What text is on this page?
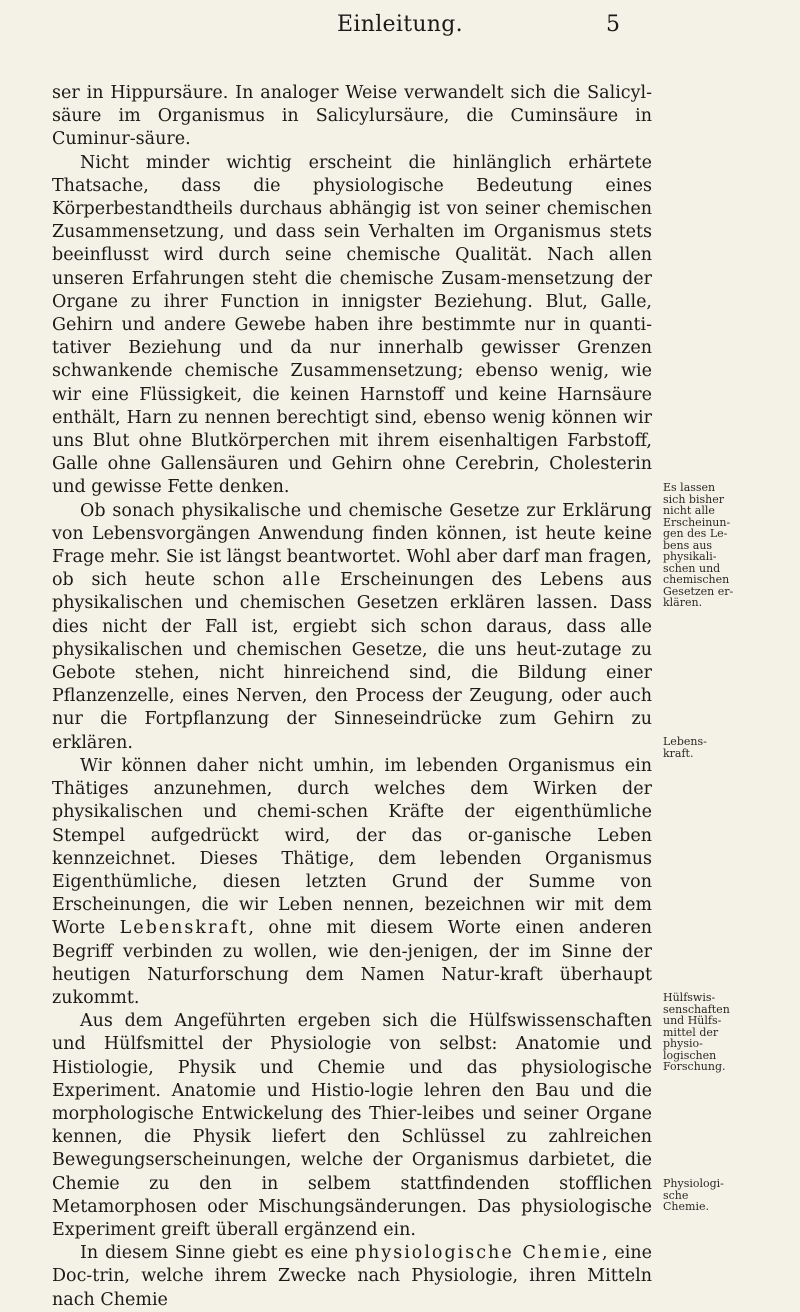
Einleitung.	5

ser in Hippursäure. In analoger Weise verwandelt sich die Salicyl-säure im Organismus in Salicylursäure, die Cuminsäure in Cuminur-säure.

Nicht minder wichtig erscheint die hinlänglich erhärtete Thatsache, dass die physiologische Bedeutung eines Körperbestandtheils durchaus abhängig ist von seiner chemischen Zusammensetzung, und dass sein Verhalten im Organismus stets beeinflusst wird durch seine chemische Qualität. Nach allen unseren Erfahrungen steht die chemische Zusam-mensetzung der Organe zu ihrer Function in innigster Beziehung. Blut, Galle, Gehirn und andere Gewebe haben ihre bestimmte nur in quanti-tativer Beziehung und da nur innerhalb gewisser Grenzen schwankende chemische Zusammensetzung; ebenso wenig, wie wir eine Flüssigkeit, die keinen Harnstoff und keine Harnsäure enthält, Harn zu nennen berechtigt sind, ebenso wenig können wir uns Blut ohne Blutkörperchen mit ihrem eisenhaltigen Farbstoff, Galle ohne Gallensäuren und Gehirn ohne Cerebrin, Cholesterin und gewisse Fette denken.

Ob sonach physikalische und chemische Gesetze zur Erklärung von Lebensvorgängen Anwendung finden können, ist heute keine Frage mehr. Sie ist längst beantwortet. Wohl aber darf man fragen, ob sich heute schon alle Erscheinungen des Lebens aus physikalischen und chemischen Gesetzen erklären lassen. Dass dies nicht der Fall ist, ergiebt sich schon daraus, dass alle physikalischen und chemischen Gesetze, die uns heut-zutage zu Gebote stehen, nicht hinreichend sind, die Bildung einer Pflanzenzelle, eines Nerven, den Process der Zeugung, oder auch nur die Fortpflanzung der Sinneseindrücke zum Gehirn zu erklären.

Wir können daher nicht umhin, im lebenden Organismus ein Thätiges anzunehmen, durch welches dem Wirken der physikalischen und chemi-schen Kräfte der eigenthümliche Stempel aufgedrückt wird, der das or-ganische Leben kennzeichnet. Dieses Thätige, dem lebenden Organismus Eigenthümliche, diesen letzten Grund der Summe von Erscheinungen, die wir Leben nennen, bezeichnen wir mit dem Worte Lebenskraft, ohne mit diesem Worte einen anderen Begriff verbinden zu wollen, wie den-jenigen, der im Sinne der heutigen Naturforschung dem Namen Natur-kraft überhaupt zukommt.

Aus dem Angeführten ergeben sich die Hülfswissenschaften und Hülfsmittel der Physiologie von selbst: Anatomie und Histiologie, Physik und Chemie und das physiologische Experiment. Anatomie und Histio-logie lehren den Bau und die morphologische Entwickelung des Thier-leibes und seiner Organe kennen, die Physik liefert den Schlüssel zu zahlreichen Bewegungserscheinungen, welche der Organismus darbietet, die Chemie zu den in selbem stattfindenden stofflichen Metamorphosen oder Mischungsänderungen. Das physiologische Experiment greift überall ergänzend ein.

In diesem Sinne giebt es eine physiologische Chemie, eine Doc-trin, welche ihrem Zwecke nach Physiologie, ihren Mitteln nach Chemie

Es lassen
sich bisher
nicht alle
Erscheinun-
gen des Le-
bens aus
physikali-
schen und
chemischen
Gesetzen er-
klären.
Lebens-
kraft.
Hülfswis-
senschaften
und Hülfs-
mittel der
physio-
logischen
Forschung.
Physiologi-
sche
Chemie.
